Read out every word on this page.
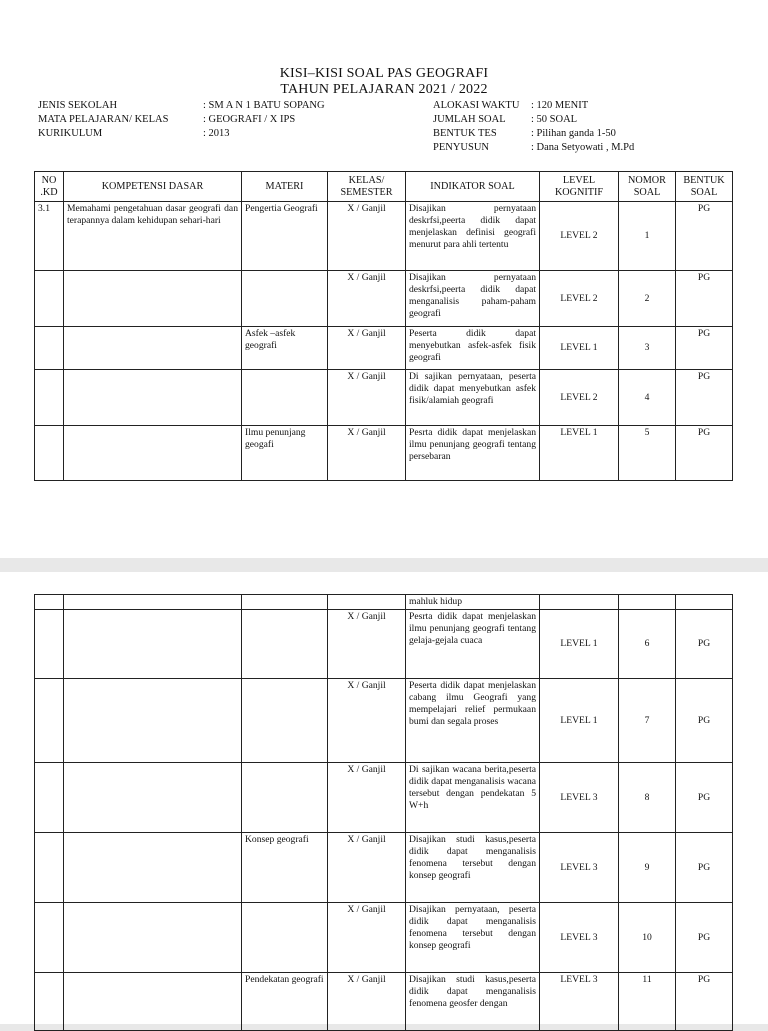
KISI–KISI SOAL PAS GEOGRAFI
TAHUN PELAJARAN 2021 / 2022
JENIS SEKOLAH	: SM A N 1 BATU SOPANG
MATA PELAJARAN/ KELAS	: GEOGRAFI / X IPS
KURIKULUM	: 2013
ALOKASI WAKTU	: 120 MENIT
JUMLAH SOAL	: 50 SOAL
BENTUK TES	: Pilihan ganda 1-50
PENYUSUN	: Dana Setyowati , M.Pd
NO .KD	KOMPETENSI DASAR	MATERI	KELAS/ SEMESTER	INDIKATOR SOAL	LEVEL KOGNITIF	NOMOR SOAL	BENTUK SOAL
3.1	Memahami pengetahuan dasar geografi dan terapannya dalam kehidupan sehari-hari	Pengertia Geografi	X / Ganjil	Disajikan pernyataan deskrfsi,peerta didik dapat menjelaskan definisi geografi menurut para ahli tertentu	LEVEL 2	1	PG
			X / Ganjil	Disajikan pernyataan deskrfsi,peerta didik dapat menganalisis paham-paham geografi	LEVEL 2	2	PG
		Asfek –asfek geografi	X / Ganjil	Peserta didik dapat menyebutkan asfek-asfek fisik geografi	LEVEL 1	3	PG
			X / Ganjil	Di sajikan pernyataan, peserta didik dapat menyebutkan asfek fisik/alamiah geografi	LEVEL 2	4	PG
		Ilmu penunjang geogafi	X / Ganjil	Pesrta didik dapat menjelaskan ilmu penunjang geografi tentang persebaran	LEVEL 1	5	PG
				mahluk hidup			
			X / Ganjil	Pesrta didik dapat menjelaskan ilmu penunjang geografi tentang gelaja-gejala cuaca	LEVEL 1	6	PG
			X / Ganjil	Peserta didik dapat menjelaskan cabang ilmu Geografi yang mempelajari relief permukaan bumi dan segala proses	LEVEL 1	7	PG
			X / Ganjil	Di sajikan wacana berita,peserta didik dapat menganalisis wacana tersebut dengan pendekatan 5 W+h	LEVEL 3	8	PG
		Konsep geografi	X / Ganjil	Disajikan studi kasus,peserta didik dapat menganalisis fenomena tersebut dengan konsep geografi	LEVEL 3	9	PG
			X / Ganjil	Disajikan pernyataan, peserta didik dapat menganalisis fenomena tersebut dengan konsep geografi	LEVEL 3	10	PG
		Pendekatan geografi	X / Ganjil	Disajikan studi kasus,peserta didik dapat menganalisis fenomena geosfer dengan	LEVEL 3	11	PG
